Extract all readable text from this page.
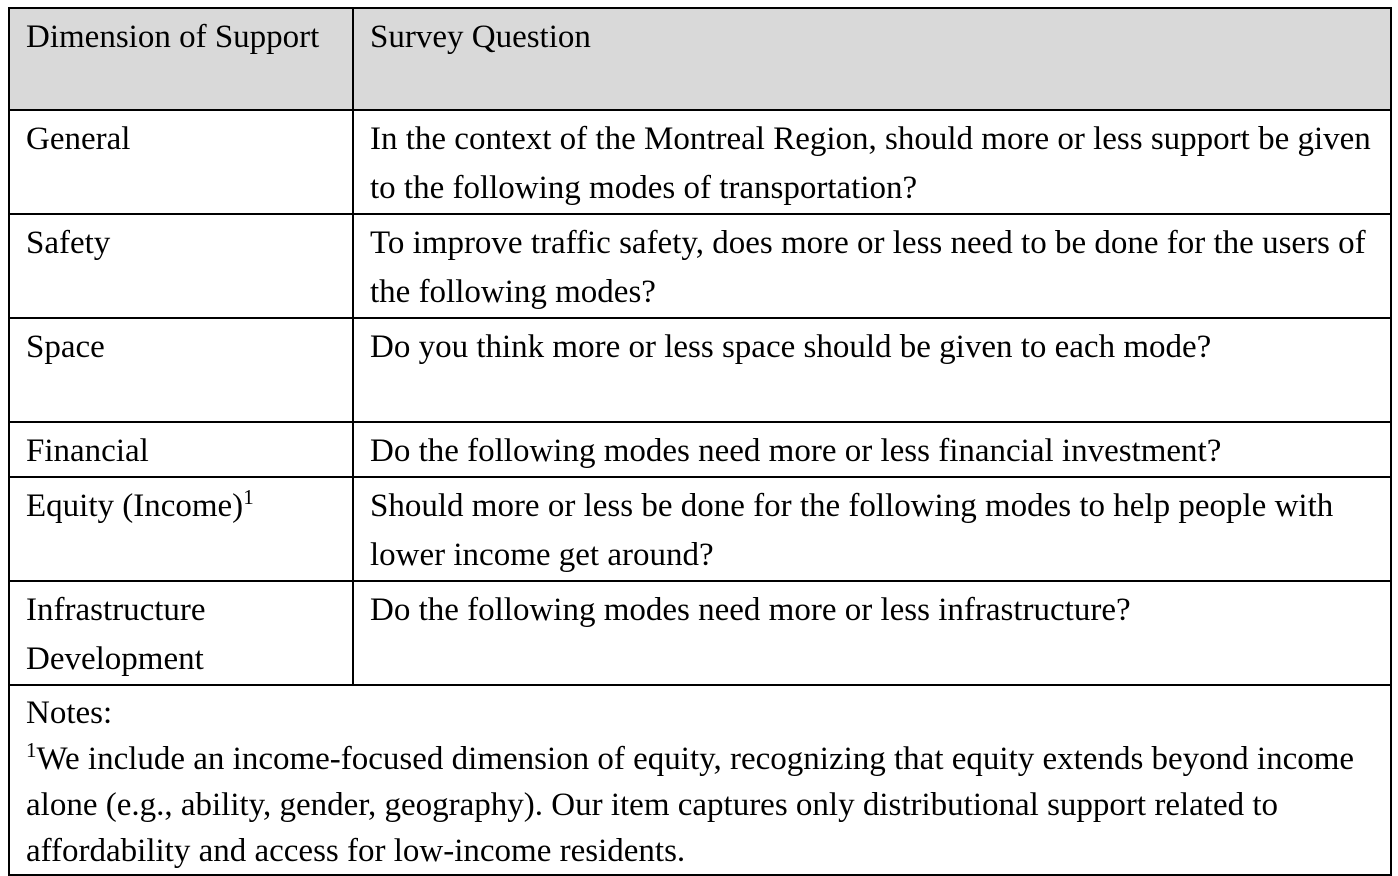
Dimension of Support	Survey Question
General	In the context of the Montreal Region, should more or less support be given to the following modes of transportation?
Safety	To improve traffic safety, does more or less need to be done for the users of the following modes?
Space	Do you think more or less space should be given to each mode?
Financial	Do the following modes need more or less financial investment?
Equity (Income)$^1$	Should more or less be done for the following modes to help people with lower income get around?
Infrastructure Development	Do the following modes need more or less infrastructure?

Notes:
$^1$We include an income-focused dimension of equity, recognizing that equity extends beyond income alone (e.g., ability, gender, geography). Our item captures only distributional support related to affordability and access for low-income residents.	
